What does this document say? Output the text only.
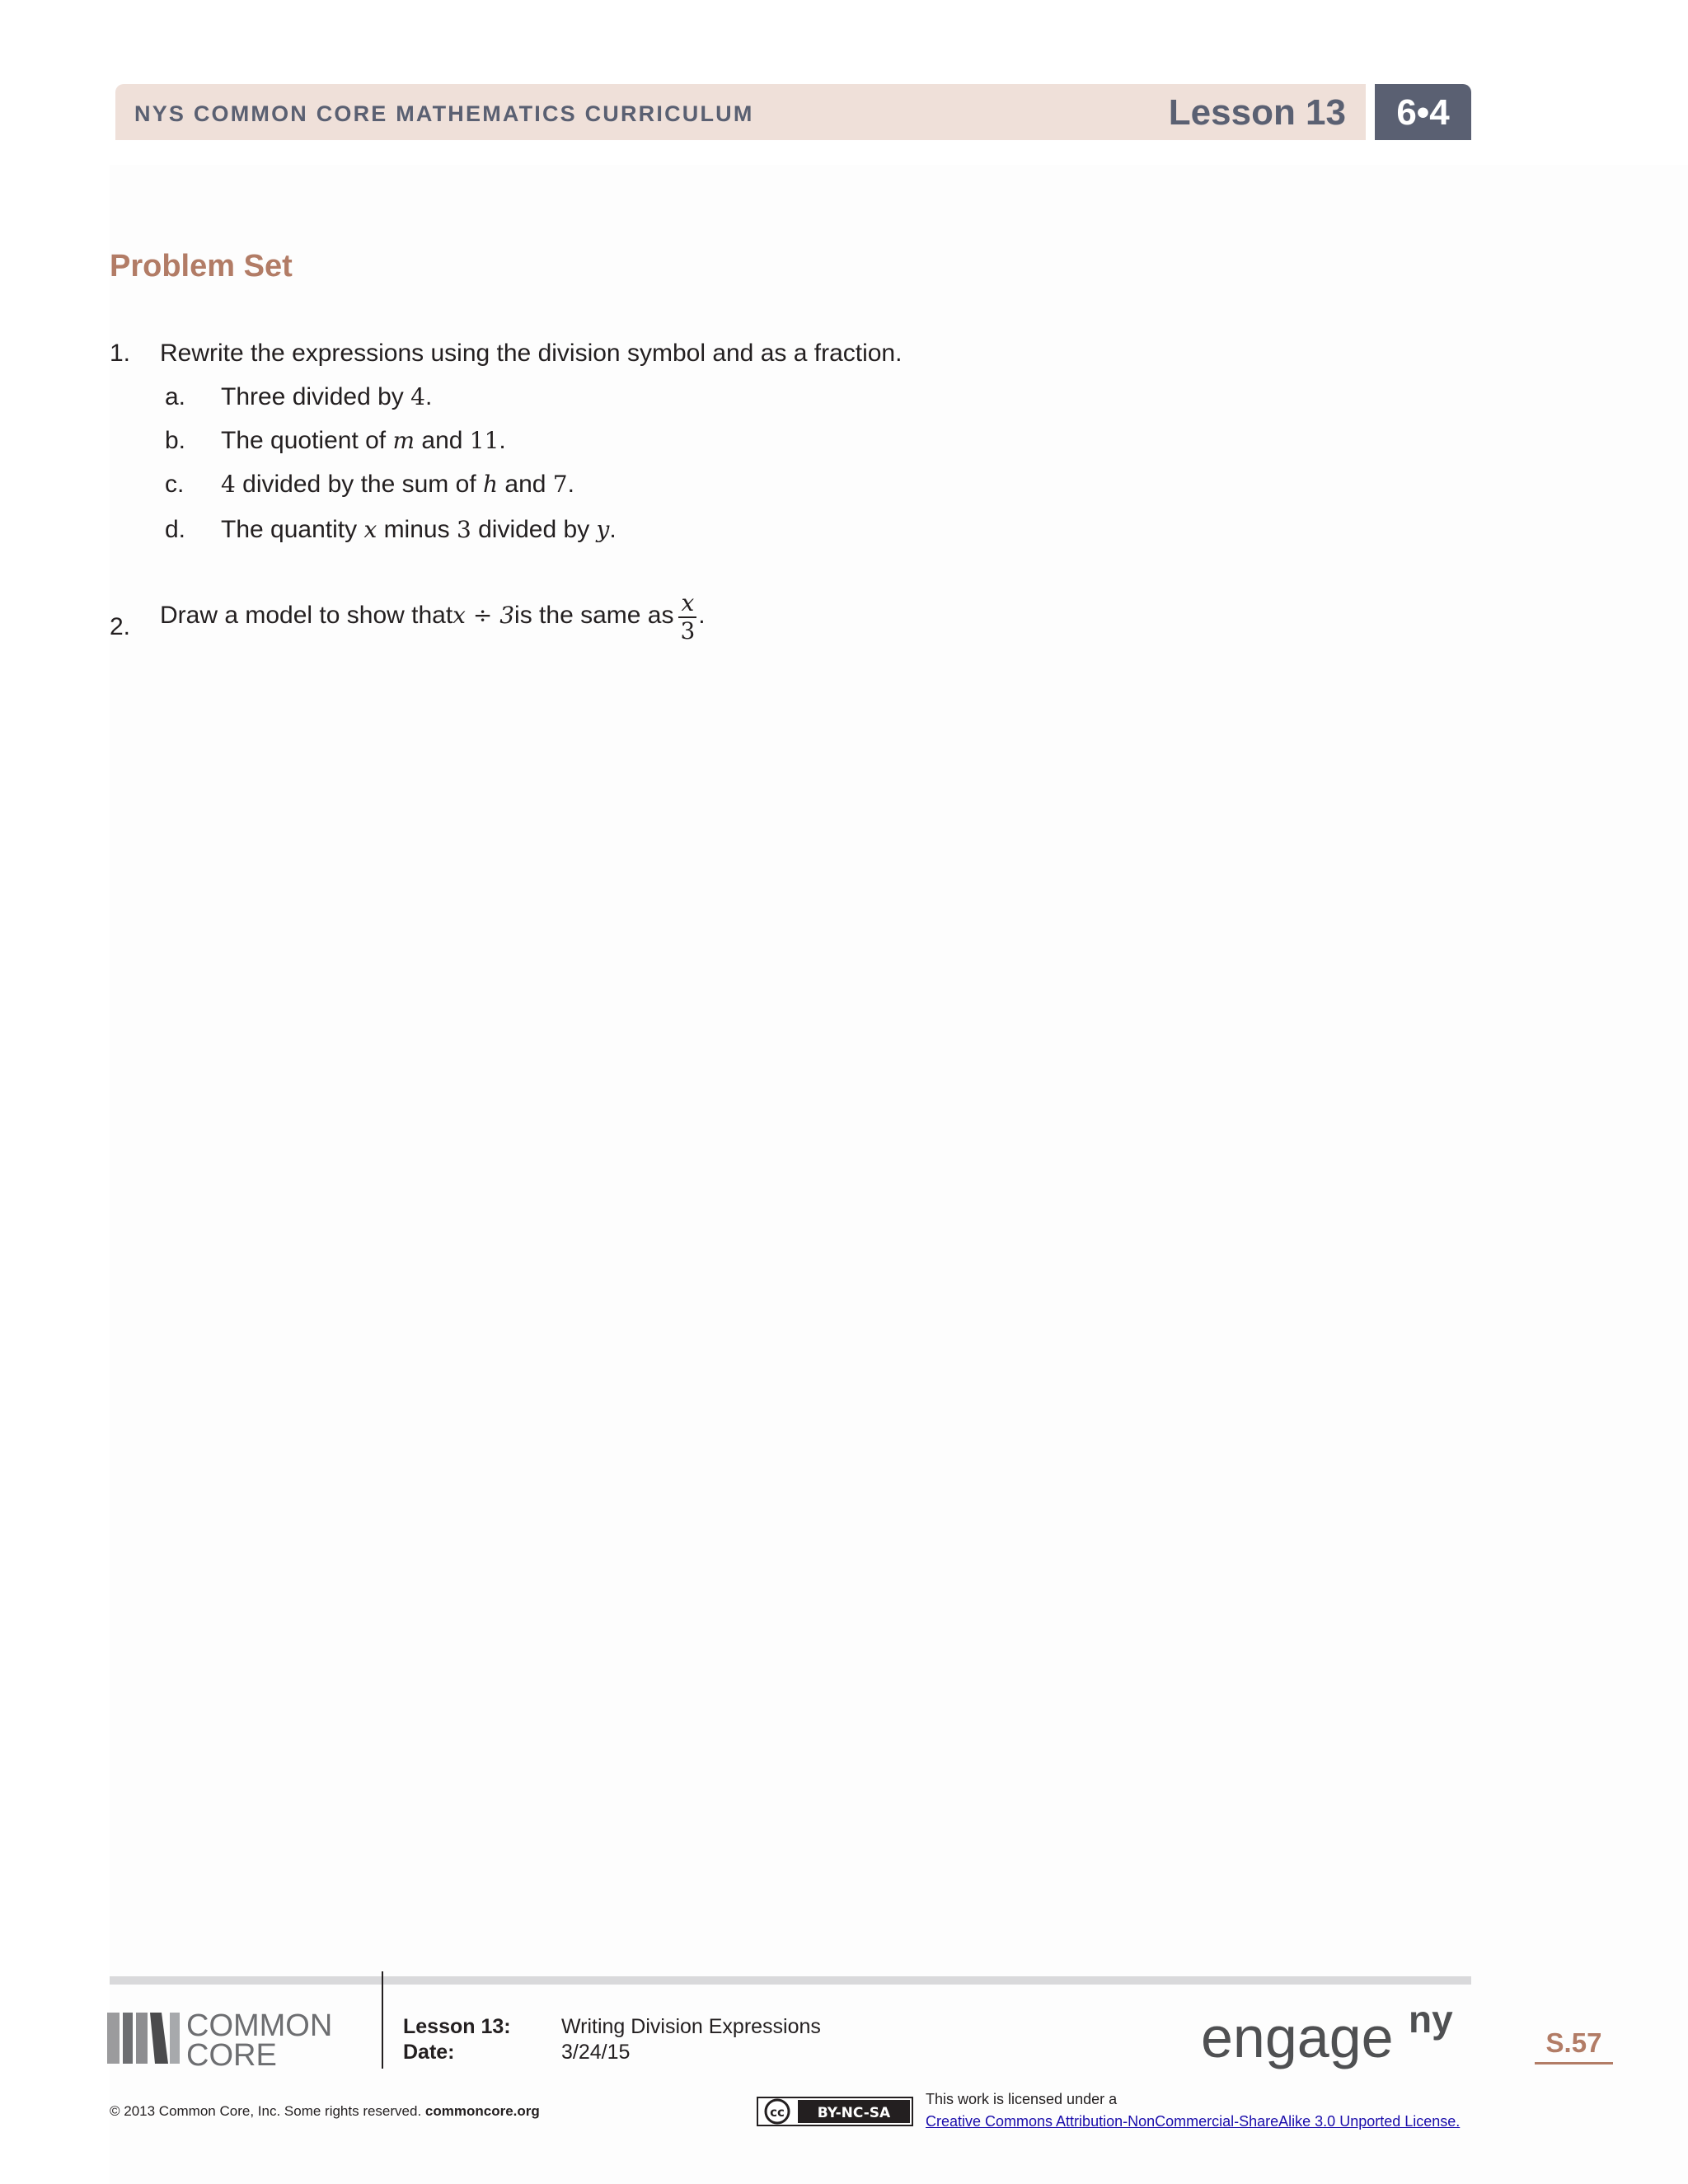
NYS COMMON CORE MATHEMATICS CURRICULUM	Lesson 13	6•4
Problem Set
1. Rewrite the expressions using the division symbol and as a fraction.
a. Three divided by 4.
b. The quotient of m and 11.
c. 4 divided by the sum of h and 7.
d. The quantity x minus 3 divided by y.
2. Draw a model to show thatx ÷ 3is the same as $\frac{x}{3}$ .
COMMON
CORE
Lesson 13: Writing Division Expressions
Date:	3/24/15	engage ny
S.57
© 2013 Common Core, Inc. Some rights reserved. commoncore.org	cc BY-NC-SA
This work is licensed under a
Creative Commons Attribution-NonCommercial-ShareAlike 3.0 Unported License.
